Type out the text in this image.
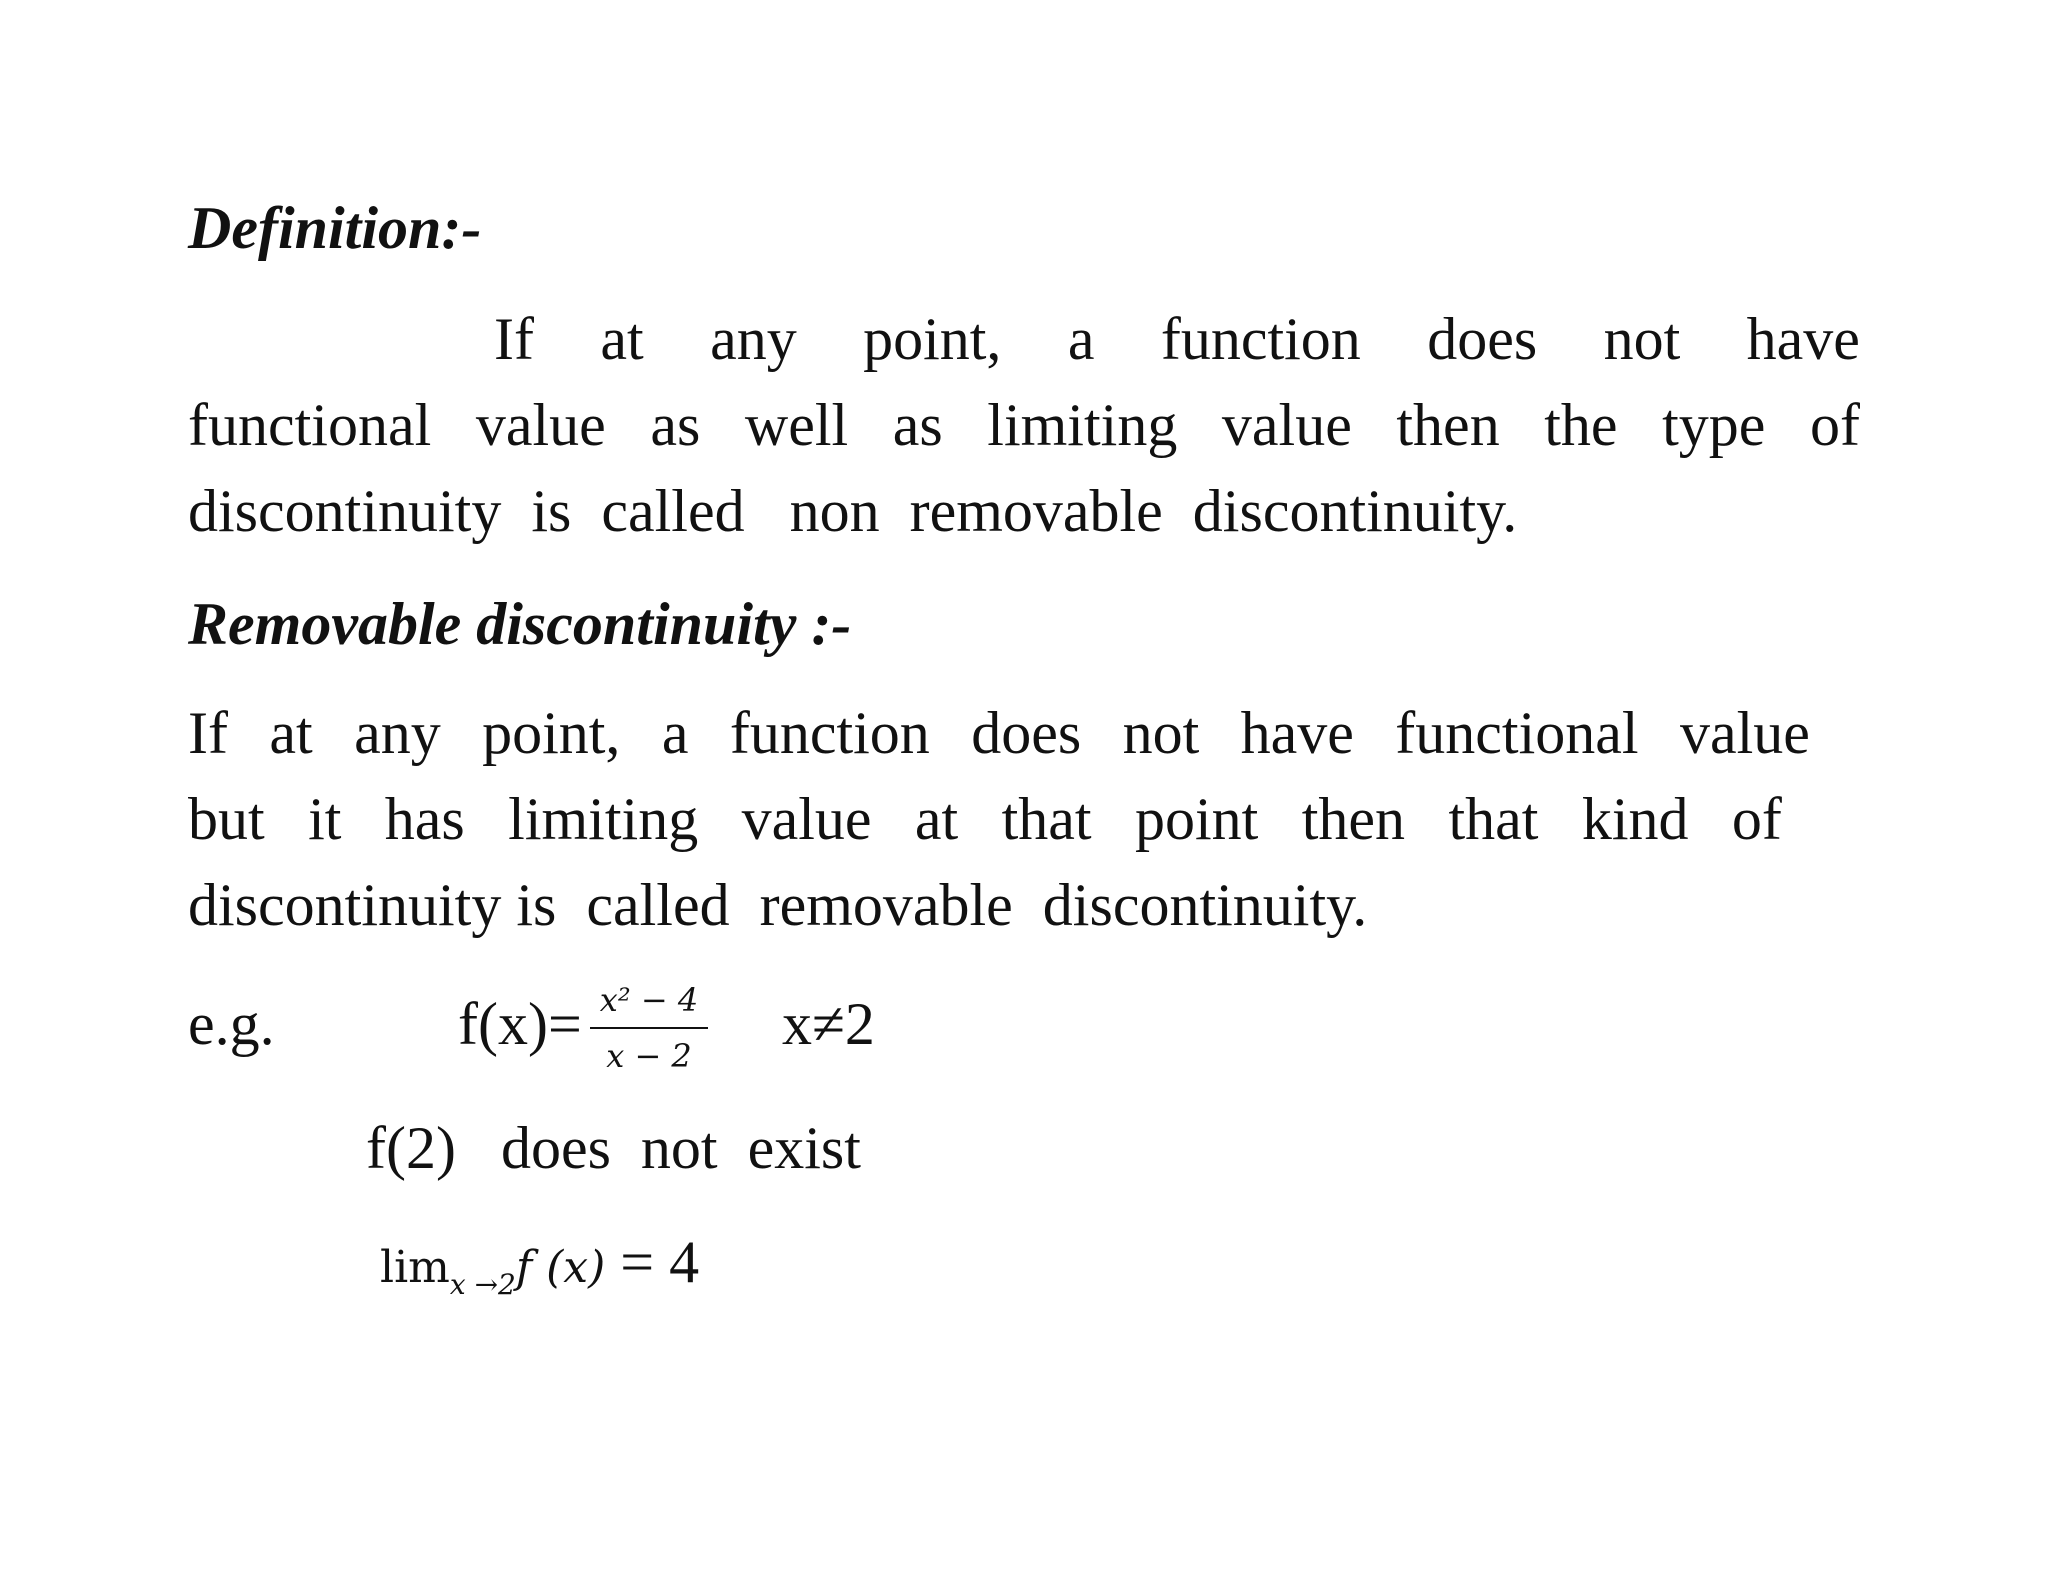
Definition:-
If at any point, a function does not have
functional value as well as limiting value then the type of
discontinuity  is  called   non  removable  discontinuity.
Removable discontinuity :-
If at any point, a function does not have functional value
but it has limiting value at that point then that kind of
discontinuity is  called  removable  discontinuity.
e.g.	f(x)= x² − 4
x − 2 x≠2
f(2)   does  not  exist
limx →2f (x) = 4
